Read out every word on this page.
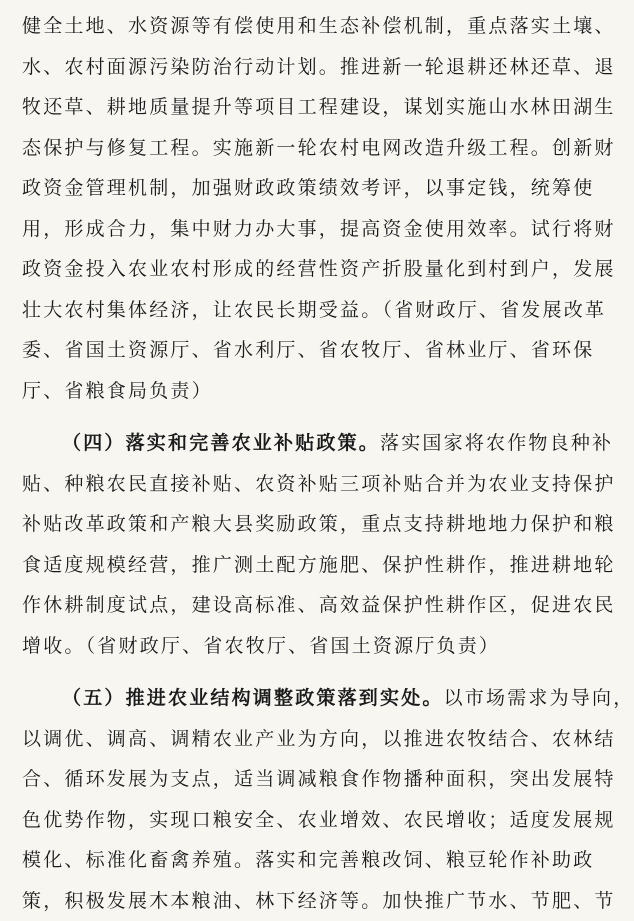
健全土地、水资源等有偿使用和生态补偿机制，重点落实土壤、
水、农村面源污染防治行动计划。推进新一轮退耕还林还草、退
牧还草、耕地质量提升等项目工程建设，谋划实施山水林田湖生
态保护与修复工程。实施新一轮农村电网改造升级工程。创新财
政资金管理机制，加强财政政策绩效考评，以事定钱，统筹使
用，形成合力，集中财力办大事，提高资金使用效率。试行将财
政资金投入农业农村形成的经营性资产折股量化到村到户，发展
壮大农村集体经济，让农民长期受益。（省财政厅、省发展改革
委、省国土资源厅、省水利厅、省农牧厅、省林业厅、省环保
厅、省粮食局负责）
（四）落实和完善农业补贴政策。落实国家将农作物良种补
贴、种粮农民直接补贴、农资补贴三项补贴合并为农业支持保护
补贴改革政策和产粮大县奖励政策，重点支持耕地地力保护和粮
食适度规模经营，推广测土配方施肥、保护性耕作，推进耕地轮
作休耕制度试点，建设高标准、高效益保护性耕作区，促进农民
增收。（省财政厅、省农牧厅、省国土资源厅负责）
（五）推进农业结构调整政策落到实处。以市场需求为导向，
以调优、调高、调精农业产业为方向，以推进农牧结合、农林结
合、循环发展为支点，适当调减粮食作物播种面积，突出发展特
色优势作物，实现口粮安全、农业增效、农民增收；适度发展规
模化、标准化畜禽养殖。落实和完善粮改饲、粮豆轮作补助政
策，积极发展木本粮油、林下经济等。加快推广节水、节肥、节
